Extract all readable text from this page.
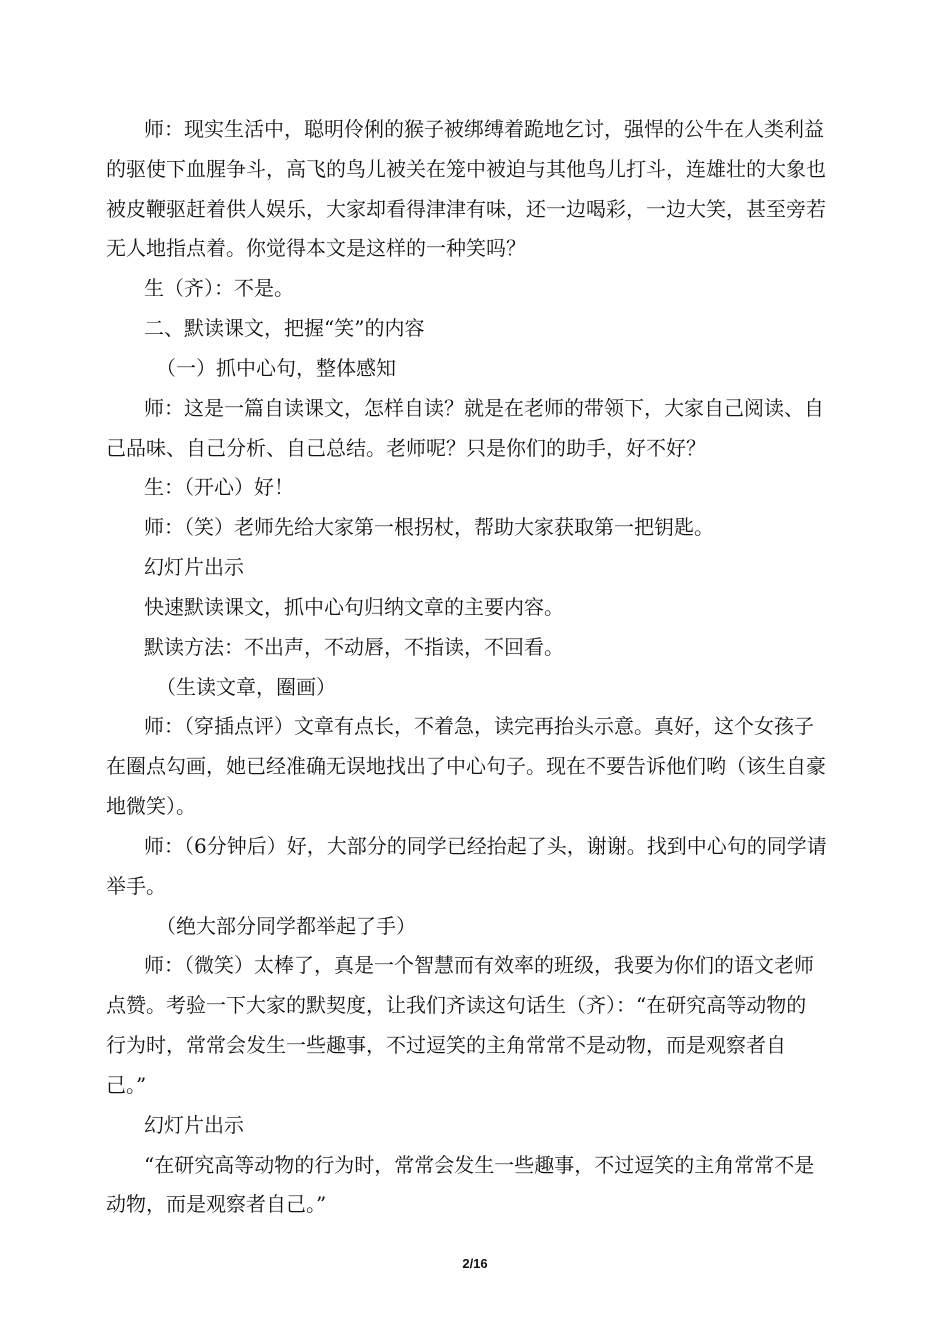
师：现实生活中，聪明伶俐的猴子被绑缚着跪地乞讨，强悍的公牛在人类利益
的驱使下血腥争斗，高飞的鸟儿被关在笼中被迫与其他鸟儿打斗，连雄壮的大象也
被皮鞭驱赶着供人娱乐，大家却看得津津有味，还一边喝彩，一边大笑，甚至旁若
无人地指点着。你觉得本文是这样的一种笑吗？
生（齐）：不是。
二、默读课文，把握“笑”的内容
（一）抓中心句，整体感知
师：这是一篇自读课文，怎样自读？就是在老师的带领下，大家自己阅读、自
己品味、自己分析、自己总结。老师呢？只是你们的助手，好不好？
生：（开心）好！
师：（笑）老师先给大家第一根拐杖，帮助大家获取第一把钥匙。
幻灯片出示
快速默读课文，抓中心句归纳文章的主要内容。
默读方法：不出声，不动唇，不指读，不回看。
（生读文章，圈画）
师：（穿插点评）文章有点长，不着急，读完再抬头示意。真好，这个女孩子
在圈点勾画，她已经准确无误地找出了中心句子。现在不要告诉他们哟（该生自豪
地微笑）。
师：（6分钟后）好，大部分的同学已经抬起了头，谢谢。找到中心句的同学请
举手。
（绝大部分同学都举起了手）
师：（微笑）太棒了，真是一个智慧而有效率的班级，我要为你们的语文老师
点赞。考验一下大家的默契度，让我们齐读这句话生（齐）：“在研究高等动物的
行为时，常常会发生一些趣事，不过逗笑的主角常常不是动物，而是观察者自
己。”
幻灯片出示
“在研究高等动物的行为时，常常会发生一些趣事，不过逗笑的主角常常不是
动物，而是观察者自己。”
2/16
